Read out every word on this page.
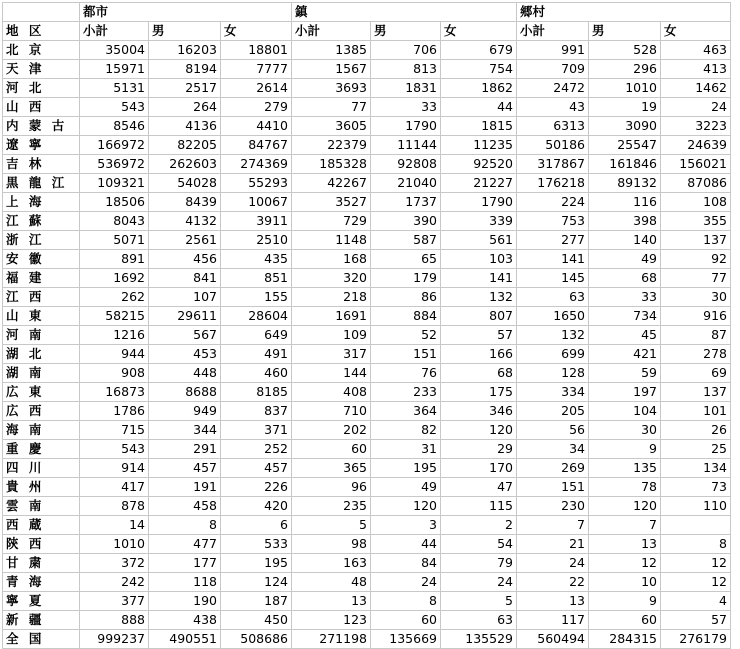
	都市			鎮			郷村		
地 区	小計	男	女	小計	男	女	小計	男	女
北 京	35004	16203	18801	1385	706	679	991	528	463
天 津	15971	8194	7777	1567	813	754	709	296	413
河 北	5131	2517	2614	3693	1831	1862	2472	1010	1462
山 西	543	264	279	77	33	44	43	19	24
内 蒙 古	8546	4136	4410	3605	1790	1815	6313	3090	3223
遼 寧	166972	82205	84767	22379	11144	11235	50186	25547	24639
吉 林	536972	262603	274369	185328	92808	92520	317867	161846	156021
黒 龍 江	109321	54028	55293	42267	21040	21227	176218	89132	87086
上 海	18506	8439	10067	3527	1737	1790	224	116	108
江 蘇	8043	4132	3911	729	390	339	753	398	355
浙 江	5071	2561	2510	1148	587	561	277	140	137
安 徽	891	456	435	168	65	103	141	49	92
福 建	1692	841	851	320	179	141	145	68	77
江 西	262	107	155	218	86	132	63	33	30
山 東	58215	29611	28604	1691	884	807	1650	734	916
河 南	1216	567	649	109	52	57	132	45	87
湖 北	944	453	491	317	151	166	699	421	278
湖 南	908	448	460	144	76	68	128	59	69
広 東	16873	8688	8185	408	233	175	334	197	137
広 西	1786	949	837	710	364	346	205	104	101
海 南	715	344	371	202	82	120	56	30	26
重 慶	543	291	252	60	31	29	34	9	25
四 川	914	457	457	365	195	170	269	135	134
貴 州	417	191	226	96	49	47	151	78	73
雲 南	878	458	420	235	120	115	230	120	110
西 蔵	14	8	6	5	3	2	7	7	
陝 西	1010	477	533	98	44	54	21	13	8
甘 粛	372	177	195	163	84	79	24	12	12
青 海	242	118	124	48	24	24	22	10	12
寧 夏	377	190	187	13	8	5	13	9	4
新 疆	888	438	450	123	60	63	117	60	57
全 国	999237	490551	508686	271198	135669	135529	560494	284315	276179
